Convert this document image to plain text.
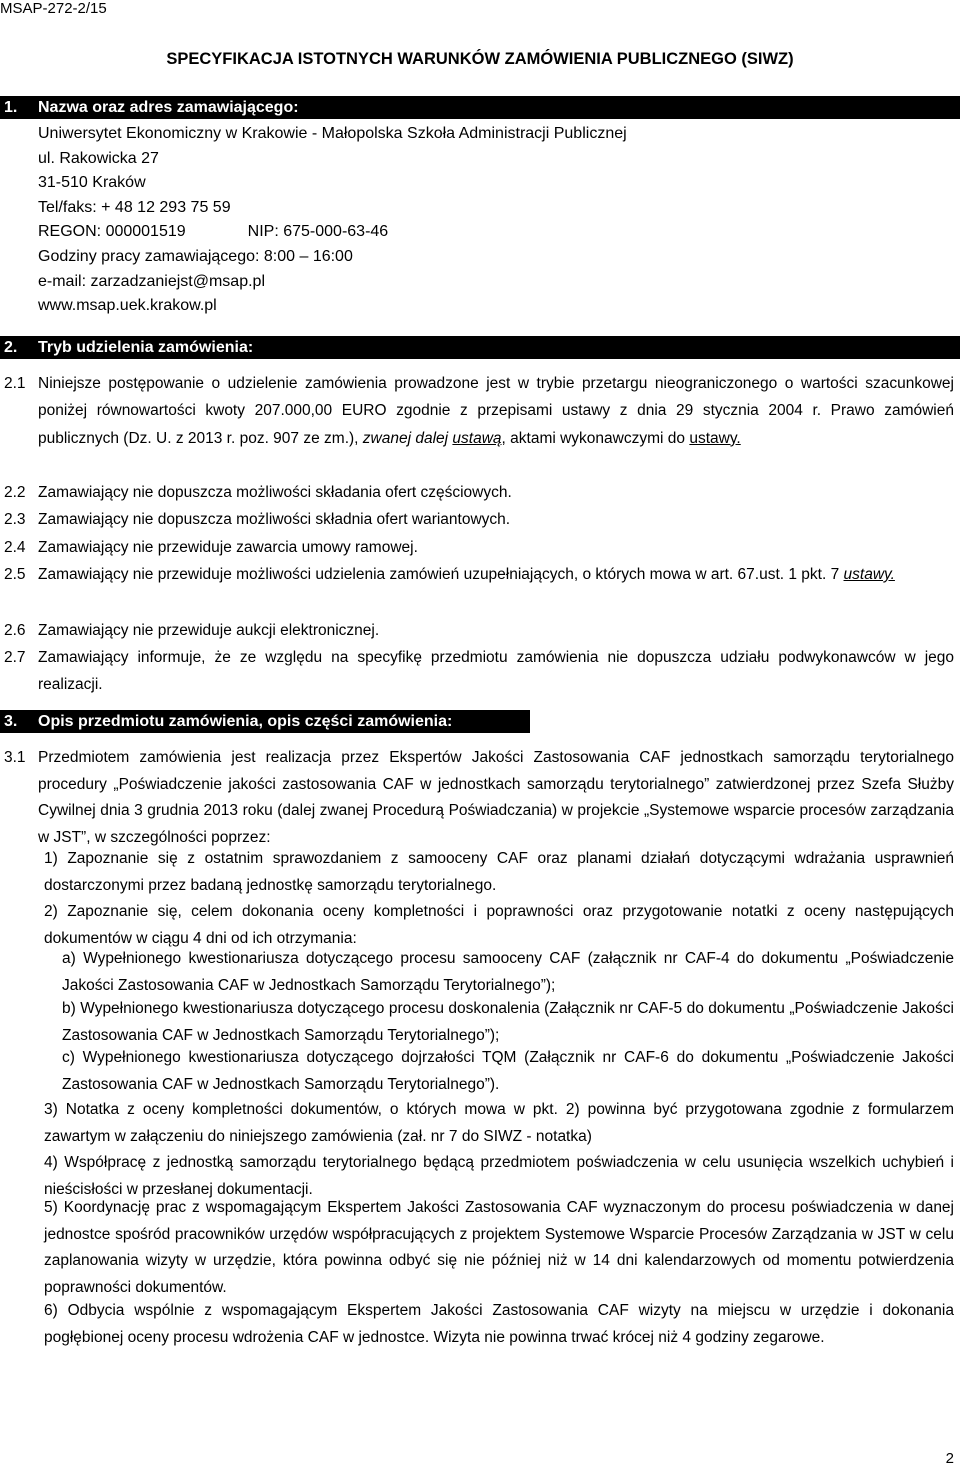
MSAP-272-2/15
SPECYFIKACJA ISTOTNYCH WARUNKÓW ZAMÓWIENIA PUBLICZNEGO (SIWZ)
1. Nazwa oraz adres zamawiającego:
Uniwersytet Ekonomiczny w Krakowie - Małopolska Szkoła Administracji Publicznej
ul. Rakowicka 27
31-510 Kraków
Tel/faks: + 48 12 293 75 59
REGON: 000001519	NIP: 675-000-63-46
Godziny pracy zamawiającego: 8:00 – 16:00
e-mail: zarzadzaniejst@msap.pl
www.msap.uek.krakow.pl
2. Tryb udzielenia zamówienia:
2.1 Niniejsze postępowanie o udzielenie zamówienia prowadzone jest w trybie przetargu nieograniczonego o wartości szacunkowej poniżej równowartości kwoty 207.000,00 EURO zgodnie z przepisami ustawy z dnia 29 stycznia 2004 r. Prawo zamówień publicznych (Dz. U. z 2013 r. poz. 907 ze zm.), zwanej dalej ustawą, aktami wykonawczymi do ustawy.
2.2 Zamawiający nie dopuszcza możliwości składania ofert częściowych.
2.3 Zamawiający nie dopuszcza możliwości składnia ofert wariantowych.
2.4 Zamawiający nie przewiduje zawarcia umowy ramowej.
2.5 Zamawiający nie przewiduje możliwości udzielenia zamówień uzupełniających, o których mowa w art. 67.ust. 1 pkt. 7 ustawy.
2.6 Zamawiający nie przewiduje aukcji elektronicznej.
2.7 Zamawiający informuje, że ze względu na specyfikę przedmiotu zamówienia nie dopuszcza udziału podwykonawców w jego realizacji.
3. Opis przedmiotu zamówienia, opis części zamówienia:
3.1 Przedmiotem zamówienia jest realizacja przez Ekspertów Jakości Zastosowania CAF jednostkach samorządu terytorialnego procedury „Poświadczenie jakości zastosowania CAF w jednostkach samorządu terytorialnego” zatwierdzonej przez Szefa Służby Cywilnej dnia 3 grudnia 2013 roku (dalej zwanej Procedurą Poświadczania) w projekcie „Systemowe wsparcie procesów zarządzania w JST”, w szczególności poprzez:
1) Zapoznanie się z ostatnim sprawozdaniem z samooceny CAF oraz planami działań dotyczącymi wdrażania usprawnień dostarczonymi przez badaną jednostkę samorządu terytorialnego.
2) Zapoznanie się, celem dokonania oceny kompletności i poprawności oraz przygotowanie notatki z oceny następujących dokumentów w ciągu 4 dni od ich otrzymania:
a) Wypełnionego kwestionariusza dotyczącego procesu samooceny CAF (załącznik nr CAF-4 do dokumentu „Poświadczenie Jakości Zastosowania CAF w Jednostkach Samorządu Terytorialnego”);
b) Wypełnionego kwestionariusza dotyczącego procesu doskonalenia (Załącznik nr CAF-5 do dokumentu „Poświadczenie Jakości Zastosowania CAF w Jednostkach Samorządu Terytorialnego”);
c) Wypełnionego kwestionariusza dotyczącego dojrzałości TQM (Załącznik nr CAF-6 do dokumentu „Poświadczenie Jakości Zastosowania CAF w Jednostkach Samorządu Terytorialnego”).
3) Notatka z oceny kompletności dokumentów, o których mowa w pkt. 2) powinna być przygotowana zgodnie z formularzem zawartym w załączeniu do niniejszego zamówienia (zał. nr 7 do SIWZ - notatka)
4) Współpracę z jednostką samorządu terytorialnego będącą przedmiotem poświadczenia w celu usunięcia wszelkich uchybień i nieścisłości w przesłanej dokumentacji.
5) Koordynację prac z wspomagającym Ekspertem Jakości Zastosowania CAF wyznaczonym do procesu poświadczenia w danej jednostce spośród pracowników urzędów współpracujących z projektem Systemowe Wsparcie Procesów Zarządzania w JST w celu zaplanowania wizyty w urzędzie, która powinna odbyć się nie później niż w 14 dni kalendarzowych od momentu potwierdzenia poprawności dokumentów.
6) Odbycia wspólnie z wspomagającym Ekspertem Jakości Zastosowania CAF wizyty na miejscu w urzędzie i dokonania pogłębionej oceny procesu wdrożenia CAF w jednostce. Wizyta nie powinna trwać krócej niż 4 godziny zegarowe.
2
